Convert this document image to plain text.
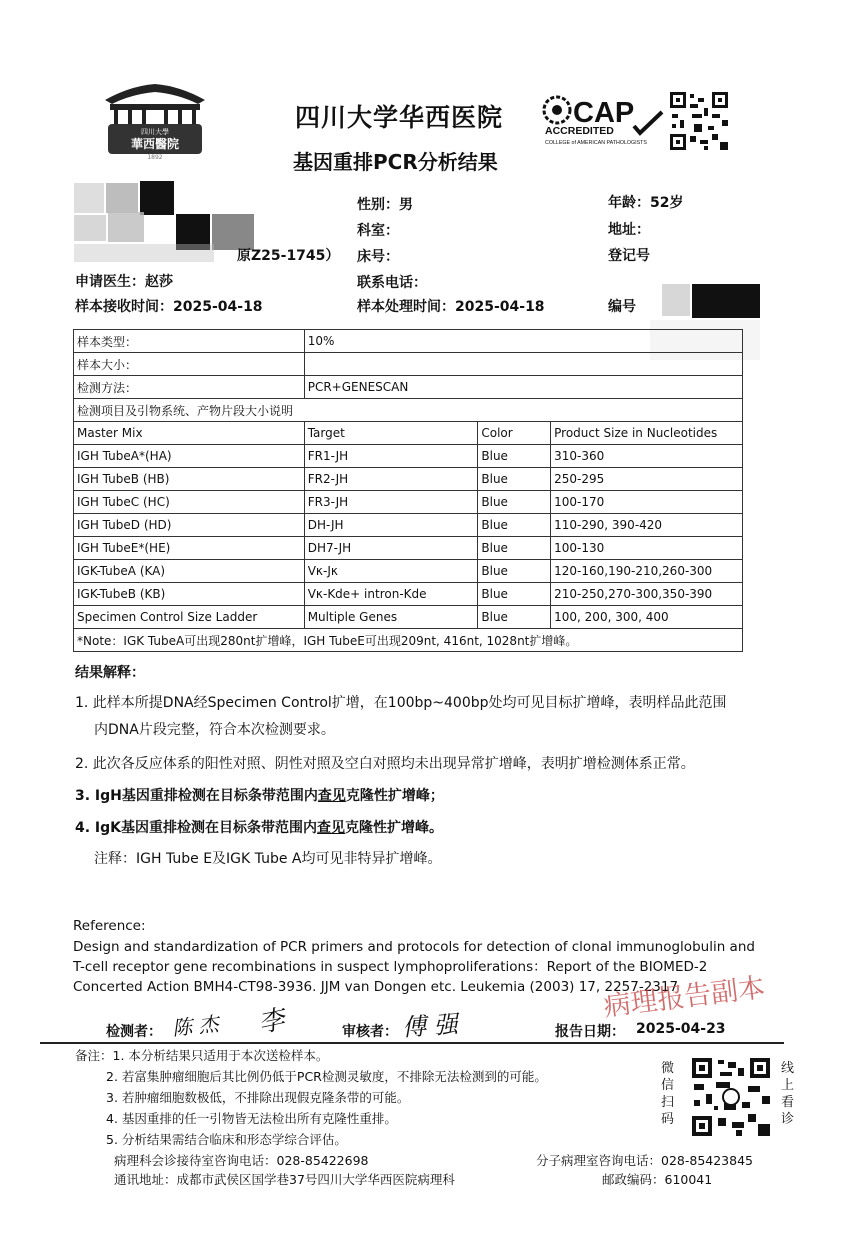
四川大學
華西醫院
1892
四川大学华西医院
基因重排PCR分析结果
CAP
ACCREDITED
COLLEGE of AMERICAN PATHOLOGISTS
原Z25-1745）
性别：男	年龄：52岁
科室：	地址：
床号：	登记号
申请医生：赵莎	联系电话：
样本接收时间：2025-04-18	样本处理时间：2025-04-18	编号
样本类型：	10%		
样本大小：			
检测方法：	PCR+GENESCAN		
检测项目及引物系统、产物片段大小说明			
Master Mix	Target	Color	Product Size in Nucleotides
IGH TubeA*(HA)	FR1-JH	Blue	310-360
IGH TubeB (HB)	FR2-JH	Blue	250-295
IGH TubeC (HC)	FR3-JH	Blue	100-170
IGH TubeD (HD)	DH-JH	Blue	110-290, 390-420
IGH TubeE*(HE)	DH7-JH	Blue	100-130
IGK-TubeA (KA)	Vκ-Jκ	Blue	120-160,190-210,260-300
IGK-TubeB (KB)	Vκ-Kde+ intron-Kde	Blue	210-250,270-300,350-390
Specimen Control Size Ladder	Multiple Genes	Blue	100, 200, 300, 400
*Note：IGK TubeA可出现280nt扩增峰，IGH TubeE可出现209nt, 416nt, 1028nt扩增峰。			
结果解释：
1. 此样本所提DNA经Specimen Control扩增，在100bp~400bp处均可见目标扩增峰，表明样品此范围
内DNA片段完整，符合本次检测要求。
2. 此次各反应体系的阳性对照、阴性对照及空白对照均未出现异常扩增峰，表明扩增检测体系正常。
3. IgH基因重排检测在目标条带范围内查见克隆性扩增峰；
4. IgK基因重排检测在目标条带范围内查见克隆性扩增峰。
注释：IGH Tube E及IGK Tube A均可见非特异扩增峰。
Reference:
Design and standardization of PCR primers and protocols for detection of clonal immunoglobulin and
T-cell receptor gene recombinations in suspect lymphoproliferations：Report of the BIOMED-2
Concerted Action BMH4-CT98-3936. JJM van Dongen etc. Leukemia (2003) 17, 2257-2317
检测者： 陈 杰 李	审核者： 傅 强	报告日期： 2025-04-23
病理报告副本
备注：1. 本分析结果只适用于本次送检样本。
2. 若富集肿瘤细胞后其比例仍低于PCR检测灵敏度，不排除无法检测到的可能。
3. 若肿瘤细胞数极低，不排除出现假克隆条带的可能。
4. 基因重排的任一引物皆无法检出所有克隆性重排。
5. 分析结果需结合临床和形态学综合评估。
微
信
扫
码
线
上
看
诊
病理科会诊接待室咨询电话：028-85422698	分子病理室咨询电话：028-85423845
通讯地址：成都市武侯区国学巷37号四川大学华西医院病理科	邮政编码：610041
